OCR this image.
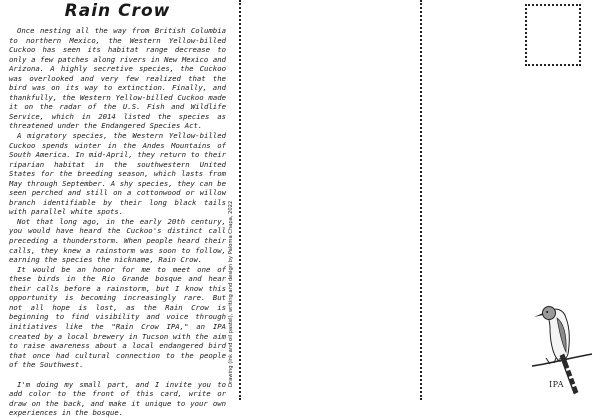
Rain Crow

Once nesting all the way from British Columbia to northern Mexico, the Western Yellow-billed Cuckoo has seen its habitat range decrease to only a few patches along rivers in New Mexico and Arizona. A highly secretive species, the Cuckoo was overlooked and very few realized that the bird was on its way to extinction. Finally, and thankfully, the Western Yellow-billed Cuckoo made it on the radar of the U.S. Fish and Wildlife Service, which in 2014 listed the species as threatened under the Endangered Species Act.

A migratory species, the Western Yellow-billed Cuckoo spends winter in the Andes Mountains of South America. In mid-April, they return to their riparian habitat in the southwestern United States for the breeding season, which lasts from May through September. A shy species, they can be seen perched and still on a cottonwood or willow branch identifiable by their long black tails with parallel white spots.

Not that long ago, in the early 20th century, you would have heard the Cuckoo's distinct call preceding a thunderstorm. When people heard their calls, they knew a rainstorm was soon to follow, earning the species the nickname, Rain Crow.

It would be an honor for me to meet one of these birds in the Rio Grande bosque and hear their calls before a rainstorm, but I know this opportunity is becoming increasingly rare. But not all hope is lost, as the Rain Crow is beginning to find visibility and voice through initiatives like the "Rain Crow IPA," an IPA created by a local brewery in Tucson with the aim to raise awareness about a local endangered bird that once had cultural connection to the people of the Southwest.

I'm doing my small part, and I invite you to add color to the front of this card, write or draw on the back, and make it unique to your own experiences in the bosque.

Drawing (ink and oil pastel), writing and design by Paloma Chapa, 2022	IPA
